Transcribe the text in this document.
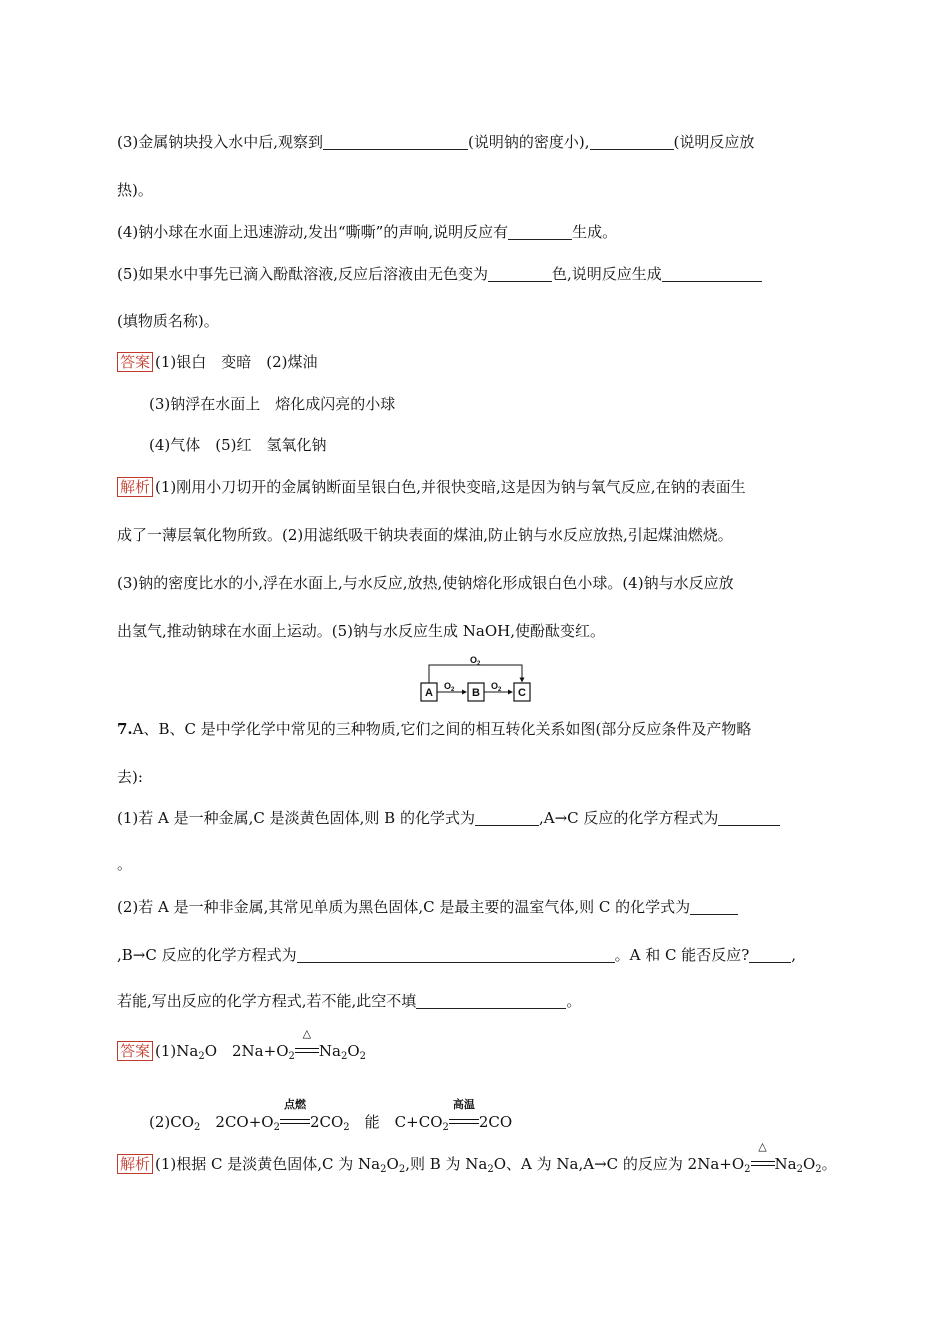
(3)金属钠块投入水中后,观察到	(说明钠的密度小),	(说明反应放
热)。
(4)钠小球在水面上迅速游动,发出“嘶嘶”的声响,说明反应有	生成。
(5)如果水中事先已滴入酚酞溶液,反应后溶液由无色变为	色,说明反应生成
(填物质名称)。
答案 (1)银白　变暗　(2)煤油
(3)钠浮在水面上　熔化成闪亮的小球
(4)气体　(5)红　氢氧化钠
解析 (1)刚用小刀切开的金属钠断面呈银白色,并很快变暗,这是因为钠与氧气反应,在钠的表面生
成了一薄层氧化物所致。(2)用滤纸吸干钠块表面的煤油,防止钠与水反应放热,引起煤油燃烧。
(3)钠的密度比水的小,浮在水面上,与水反应,放热,使钠熔化形成银白色小球。(4)钠与水反应放
出氢气,推动钠球在水面上运动。(5)钠与水反应生成 NaOH,使酚酞变红。
A	B	C
$O_2$
$O_2$	$O_2$
7.A、B、C 是中学化学中常见的三种物质,它们之间的相互转化关系如图(部分反应条件及产物略
去):
(1)若 A 是一种金属,C 是淡黄色固体,则 B 的化学式为	,A→C 反应的化学方程式为
。
(2)若 A 是一种非金属,其常见单质为黑色固体,C 是最主要的温室气体,则 C 的化学式为
,B→C 反应的化学方程式为	。A 和 C 能否反应?	,
若能,写出反应的化学方程式,若不能,此空不填	。
答案 $(1)Na_2O$　$2Na+O_2$
△
$Na_2O_2$
$(2)CO_2$　$2CO+O_2$
点燃
$2CO_2$　能　$C+CO_2$
高温
2CO
解析 (1)根据 C 是淡黄色固体,C 为 $Na_2O_2$,则 B 为 $Na_2O$、A 为 Na,A→C 的反应为 $2Na+O_2$
△
$Na_2O_2$。
